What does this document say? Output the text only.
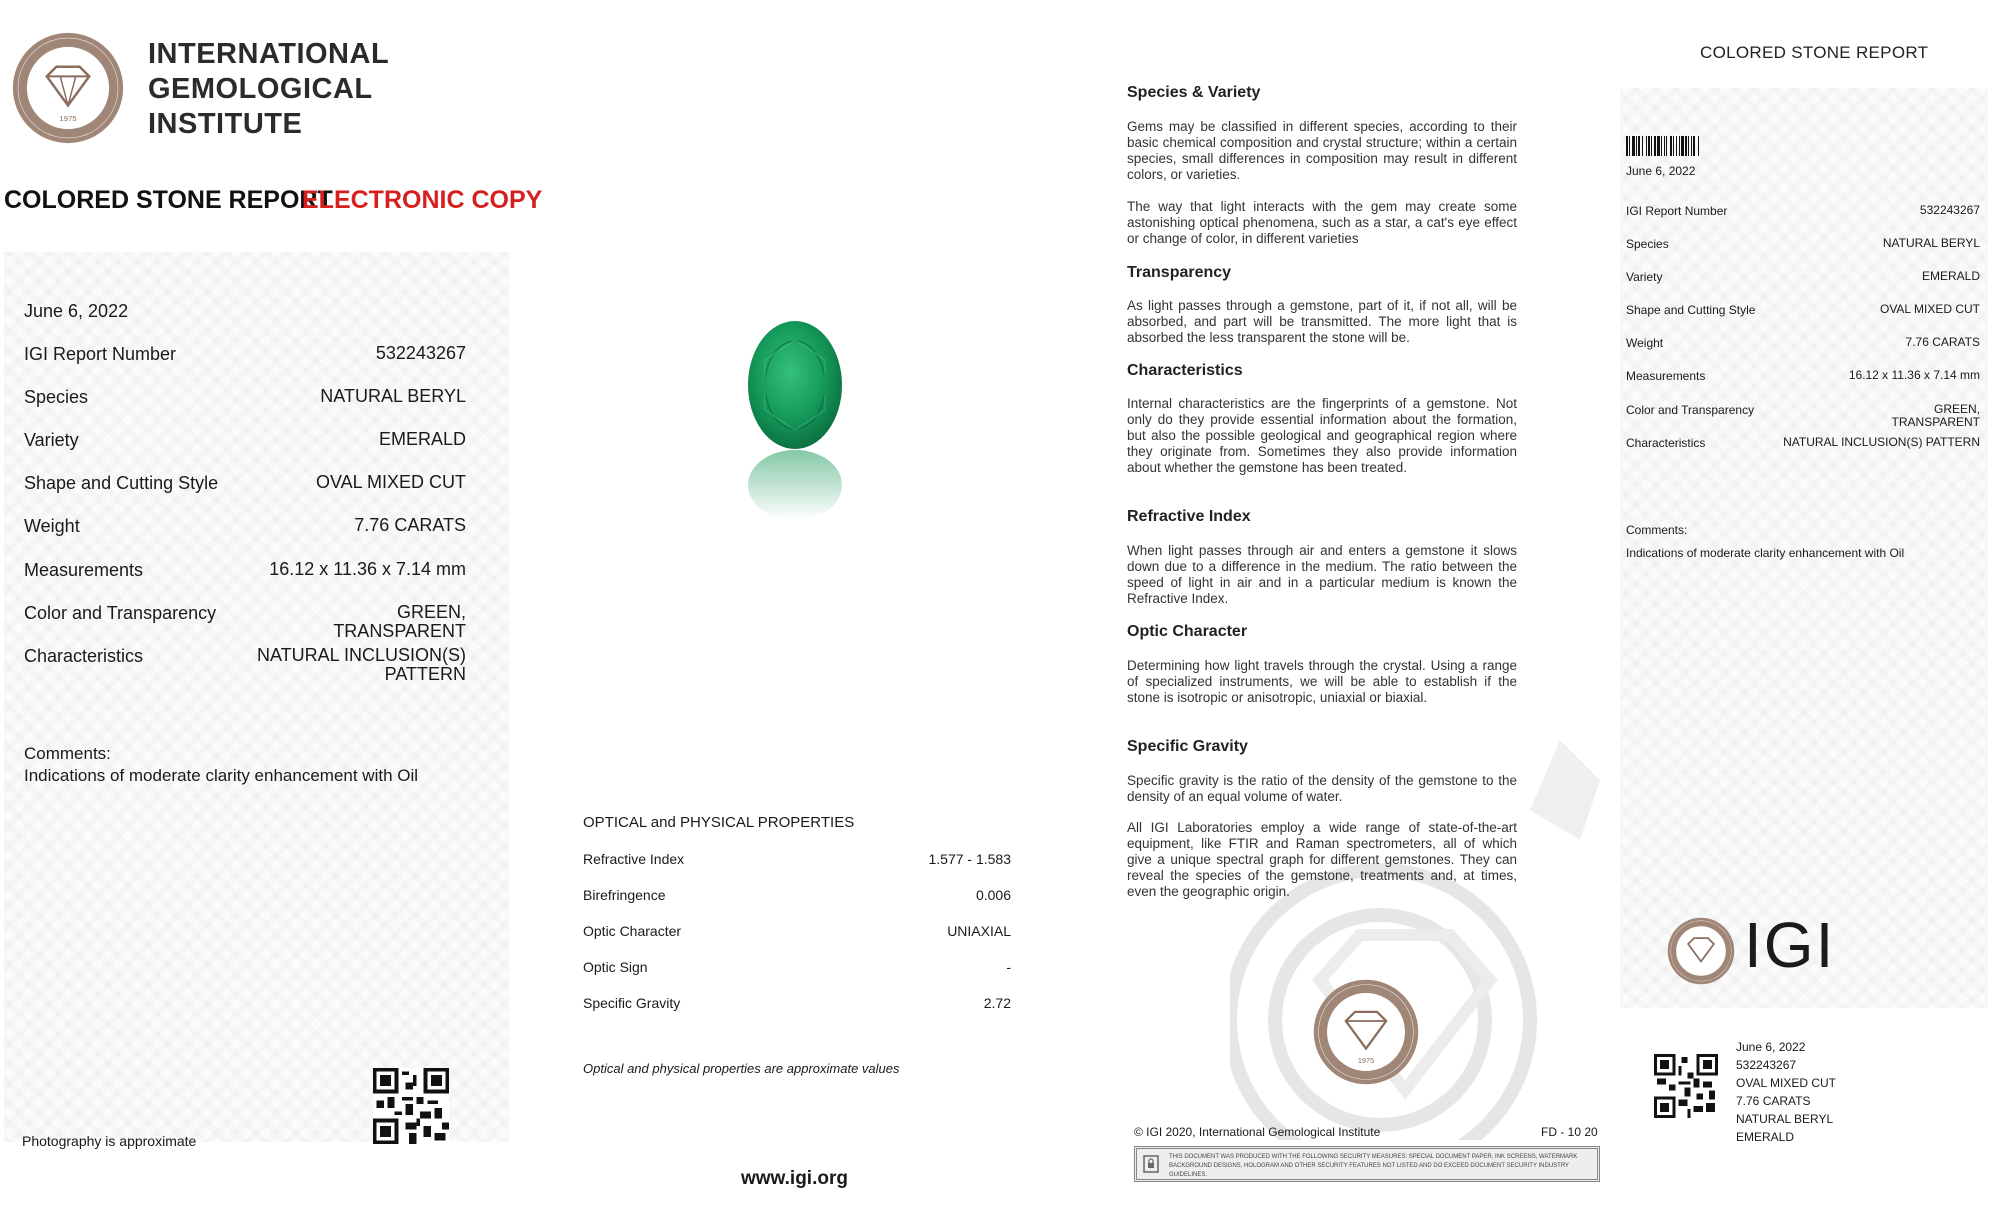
1975
INTERNATIONAL
GEMOLOGICAL
INSTITUTE
COLORED STONE REPORT
ELECTRONIC COPY
June 6, 2022
IGI Report Number	532243267
Species	NATURAL BERYL
Variety	EMERALD
Shape and Cutting Style	OVAL MIXED CUT
Weight	7.76 CARATS
Measurements	16.12 x 11.36 x 7.14 mm
Color and Transparency	GREEN,
TRANSPARENT
Characteristics	NATURAL INCLUSION(S)
PATTERN
Comments:
Indications of moderate clarity enhancement with Oil
Photography is approximate
OPTICAL and PHYSICAL PROPERTIES
Refractive Index	1.577 - 1.583
Birefringence	0.006
Optic Character	UNIAXIAL
Optic Sign	-
Specific Gravity	2.72
Optical and physical properties are approximate values
www.igi.org
Species & Variety
Gems may be classified in different species, according to their basic chemical composition and crystal structure; within a certain species, small differences in composition may result in different colors, or varieties.
The way that light interacts with the gem may create some astonishing optical phenomena, such as a star, a cat's eye effect or change of color, in different varieties
Transparency
As light passes through a gemstone, part of it, if not all, will be absorbed, and part will be transmitted. The more light that is absorbed the less transparent the stone will be.
Characteristics
Internal characteristics are the fingerprints of a gemstone. Not only do they provide essential information about the formation, but also the possible geological and geographical region where they originate from. Sometimes they also provide information about whether the gemstone has been treated.
Refractive Index
When light passes through air and enters a gemstone it slows down due to a difference in the medium. The ratio between the speed of light in air and in a particular medium is known the Refractive Index.
Optic Character
Determining how light travels through the crystal. Using a range of specialized instruments, we will be able to establish if the stone is isotropic or anisotropic, uniaxial or biaxial.
Specific Gravity
Specific gravity is the ratio of the density of the gemstone to the density of an equal volume of water.
All IGI Laboratories employ a wide range of state-of-the-art equipment, like FTIR and Raman spectrometers, all of which give a unique spectral graph for different gemstones. They can reveal the species of the gemstone, treatments and, at times, even the geographic origin.
1975
© IGI 2020, International Gemological Institute	FD - 10 20
THIS DOCUMENT WAS PRODUCED WITH THE FOLLOWING SECURITY MEASURES: SPECIAL DOCUMENT PAPER, INK SCREENS, WATERMARK BACKGROUND DESIGNS, HOLOGRAM AND OTHER SECURITY FEATURES NOT LISTED AND DO EXCEED DOCUMENT SECURITY INDUSTRY GUIDELINES.
COLORED STONE REPORT
June 6, 2022
IGI Report Number	532243267
Species	NATURAL BERYL
Variety	EMERALD
Shape and Cutting Style	OVAL MIXED CUT
Weight	7.76 CARATS
Measurements	16.12 x 11.36 x 7.14 mm
Color and Transparency	GREEN,
TRANSPARENT
Characteristics	NATURAL INCLUSION(S) PATTERN
Comments:
Indications of moderate clarity enhancement with Oil
IGI
June 6, 2022
532243267
OVAL MIXED CUT
7.76 CARATS
NATURAL BERYL
EMERALD
